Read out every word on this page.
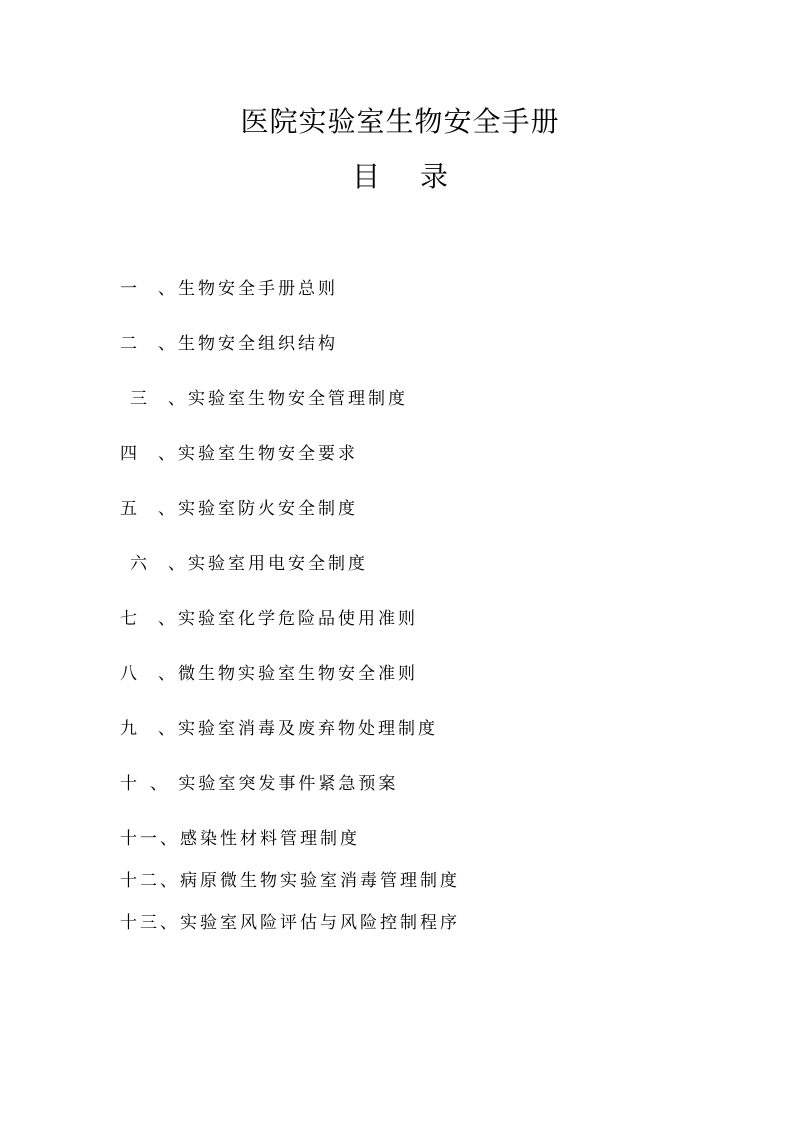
医院实验室生物安全手册
目 录
一 、生物安全手册总则
二 、生物安全组织结构
三 、实验室生物安全管理制度
四 、实验室生物安全要求
五 、实验室防火安全制度
六 、实验室用电安全制度
七 、实验室化学危险品使用准则
八 、微生物实验室生物安全准则
九 、实验室消毒及废弃物处理制度
十 、 实验室突发事件紧急预案
十一、感染性材料管理制度
十二、病原微生物实验室消毒管理制度
十三、实验室风险评估与风险控制程序
